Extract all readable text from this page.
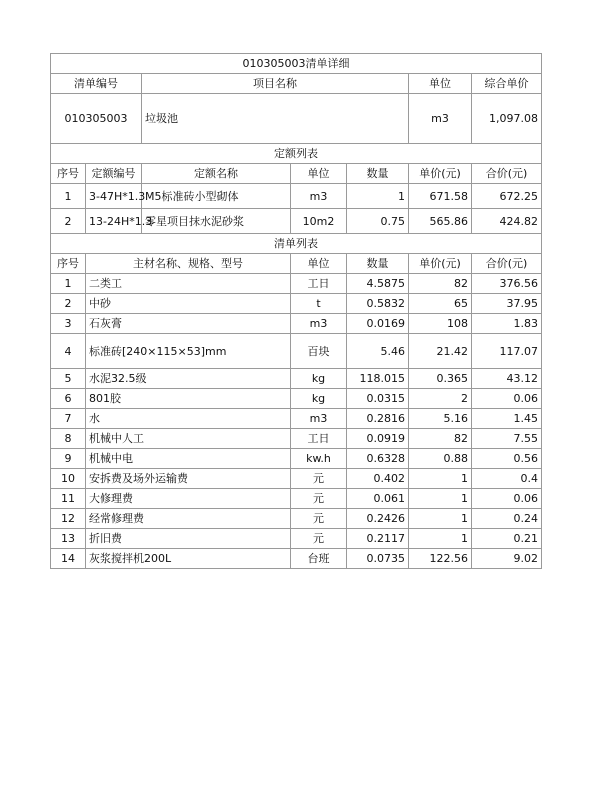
010305003清单详细						
清单编号		项目名称			单位	综合单价
010305003		垃圾池			m3	1,097.08
定额列表						
序号	定额编号	定额名称	单位	数量	单价(元)	合价(元)
1	3-47H*1.3	M5标准砖小型砌体	m3	1	671.58	672.25
2	13-24H*1.3	零星项目抹水泥砂浆	10m2	0.75	565.86	424.82
清单列表						
序号	主材名称、规格、型号		单位	数量	单价(元)	合价(元)
1	二类工		工日	4.5875	82	376.56
2	中砂		t	0.5832	65	37.95
3	石灰膏		m3	0.0169	108	1.83
4	标准砖[240×115×53]mm		百块	5.46	21.42	117.07
5	水泥32.5级		kg	118.015	0.365	43.12
6	801胶		kg	0.0315	2	0.06
7	水		m3	0.2816	5.16	1.45
8	机械中人工		工日	0.0919	82	7.55
9	机械中电		kw.h	0.6328	0.88	0.56
10	安拆费及场外运输费		元	0.402	1	0.4
11	大修理费		元	0.061	1	0.06
12	经常修理费		元	0.2426	1	0.24
13	折旧费		元	0.2117	1	0.21
14	灰浆搅拌机200L		台班	0.0735	122.56	9.02
